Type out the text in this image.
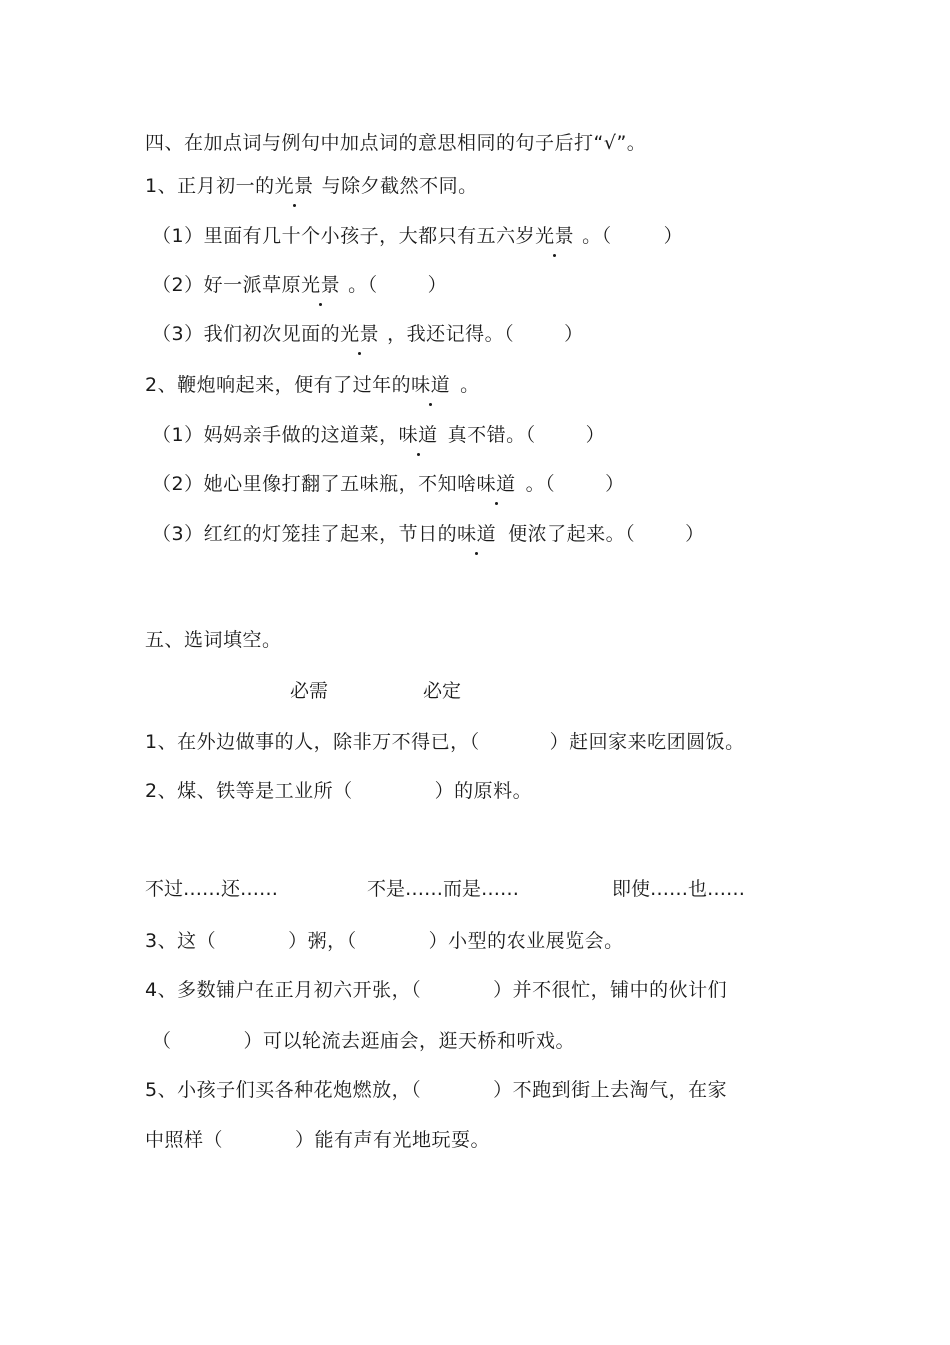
四、在加点词与例句中加点词的意思相同的句子后打“√”。
1、正月初一的光景 与除夕截然不同。
（1）里面有几十个小孩子，大都只有五六岁光景 。（	）
（2）好一派草原光景 。（	）
（3）我们初次见面的光景 ，我还记得。（	）
2、鞭炮响起来，便有了过年的味道 。
（1）妈妈亲手做的这道菜，味道 真不错。（	）
（2）她心里像打翻了五味瓶，不知啥味道 。（	）
（3）红红的灯笼挂了起来，节日的味道 便浓了起来。（	）
五、选词填空。
必需	必定
1、在外边做事的人，除非万不得已，（	）赶回家来吃团圆饭。
2、煤、铁等是工业所（	）的原料。
不过……还……	不是……而是……	即使……也……
3、这（	）粥，（	）小型的农业展览会。
4、多数铺户在正月初六开张，（	）并不很忙，铺中的伙计们
（	）可以轮流去逛庙会，逛天桥和听戏。
5、小孩子们买各种花炮燃放，（	）不跑到街上去淘气，在家
中照样（	）能有声有光地玩耍。
